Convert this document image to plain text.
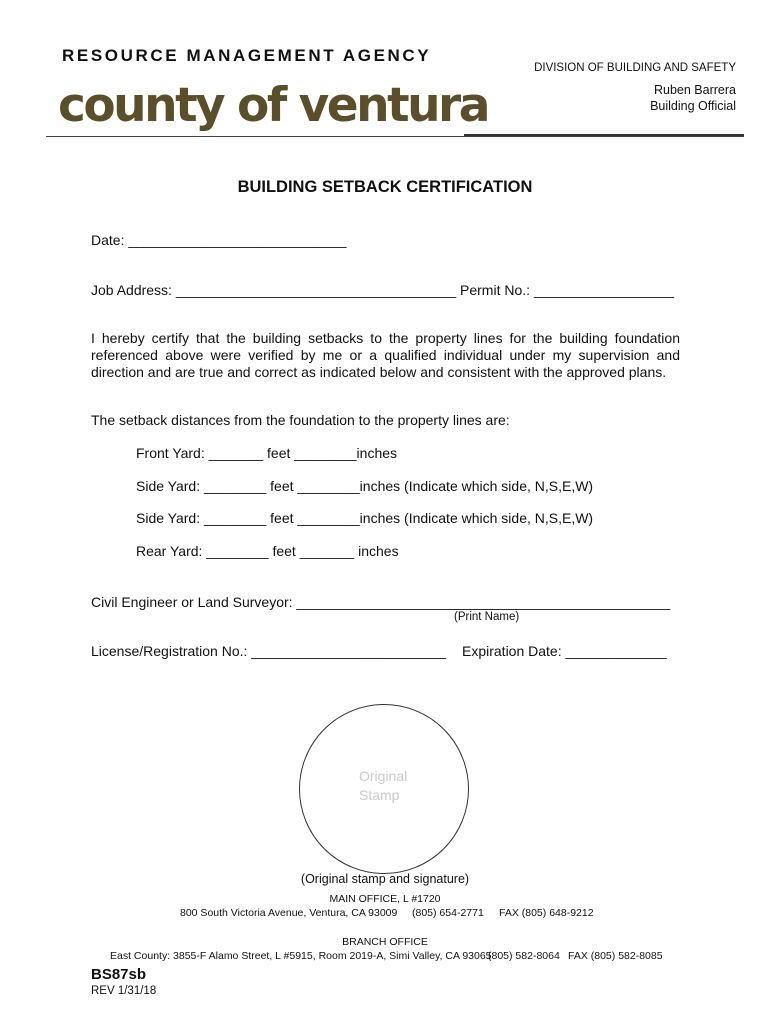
RESOURCE MANAGEMENT AGENCY
county of ventura
DIVISION OF BUILDING AND SAFETY
Ruben Barrera
Building Official
BUILDING SETBACK CERTIFICATION
Date: ____________________________
Job Address: ____________________________________ Permit No.: __________________
I hereby certify that the building setbacks to the property lines for the building foundation referenced above were verified by me or a qualified individual under my supervision and direction and are true and correct as indicated below and consistent with the approved plans.
The setback distances from the foundation to the property lines are:
Front Yard: _______ feet ________inches
Side Yard: ________ feet ________inches (Indicate which side, N,S,E,W)
Side Yard: ________ feet ________inches (Indicate which side, N,S,E,W)
Rear Yard: ________ feet _______ inches
Civil Engineer or Land Surveyor: ________________________________________________
(Print Name)
License/Registration No.: _________________________ Expiration Date: _____________
Original
Stamp
(Original stamp and signature)
MAIN OFFICE, L #1720
800 South Victoria Avenue, Ventura, CA 93009 (805) 654-2771 FAX (805) 648-9212
BRANCH OFFICE
East County: 3855-F Alamo Street, L #5915, Room 2019-A, Simi Valley, CA 93065
(805) 582-8064 FAX (805) 582-8085
BS87sb
REV 1/31/18
